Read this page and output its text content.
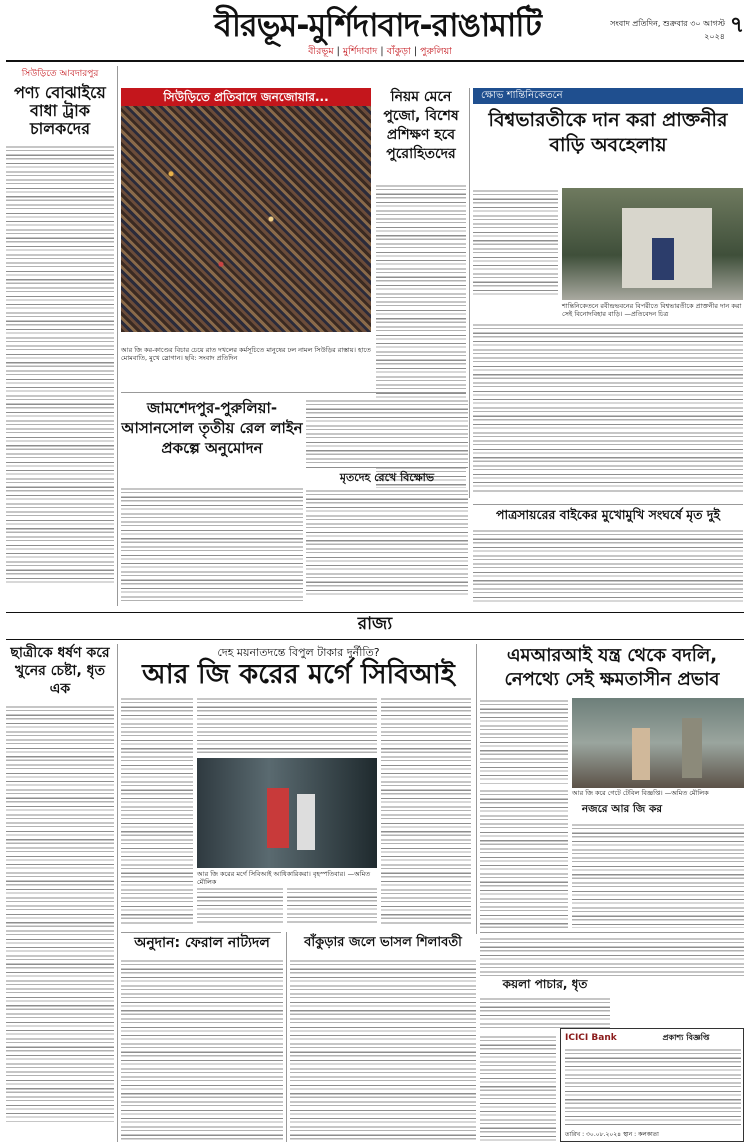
বীরভূম-মুর্শিদাবাদ-রাঙামাটি
বীরভূম | মুর্শিদাবাদ | বাঁকুড়া | পুরুলিয়া
সংবাদ প্রতিদিন, শুক্রবার ৩০ আগস্ট ২০২৪ ৭
সিউড়িতে আবদারপুর
পণ্য বোঝাইয়ে বাধা ট্রাক চালকদের
সিউড়িতে প্রতিবাদে জনজোয়ার...
আর জি কর-কাণ্ডের বিচার চেয়ে রাত দখলের কর্মসূচিতে মানুষের ঢল নামল সিউড়ির রাস্তায়। হাতে মোমবাতি, মুখে স্লোগান। ছবি: সংবাদ প্রতিদিন
নিয়ম মেনে পুজো, বিশেষ প্রশিক্ষণ হবে পুরোহিতদের
ক্ষোভ শান্তিনিকেতনে
বিশ্বভারতীকে দান করা প্রাক্তনীর বাড়ি অবহেলায়
শান্তিনিকেতনে রবীন্দ্রভবনের বিপরীতে বিশ্বভারতীকে প্রাক্তনীর দান করা সেই বিনোদবিহার বাড়ি। —প্রতিবেদন চিত্র
জামশেদপুর-পুরুলিয়া-আসানসোল তৃতীয় রেল লাইন প্রকল্পে অনুমোদন
মৃতদেহ রেখে বিক্ষোভ
পাত্রসায়রের বাইকের মুখোমুখি সংঘর্ষে মৃত দুই
রাজ্য
ছাত্রীকে ধর্ষণ করে খুনের চেষ্টা, ধৃত এক
দেহ ময়নাতদন্তে বিপুল টাকার দুর্নীতি?
আর জি করের মর্গে সিবিআই
আর জি করের মর্গে সিবিআই আধিকারিকরা। বৃহস্পতিবার। —অমিত মৌলিক
এমআরআই যন্ত্র থেকে বদলি, নেপথ্যে সেই ক্ষমতাসীন প্রভাব
আর জি করে গেটে টেবিল বিজ্ঞপ্তি। —অমিত মৌলিক
নজরে আর জি কর
অনুদান: ফেরাল নাট্যদল	বাঁকুড়ার জলে ভাসল শিলাবতী
কয়লা পাচার, ধৃত
ICICI Bank	প্রকাশ্য বিজ্ঞপ্তি
তারিখ : ৩০.০৮.২০২৪ স্থান : কলকাতা
